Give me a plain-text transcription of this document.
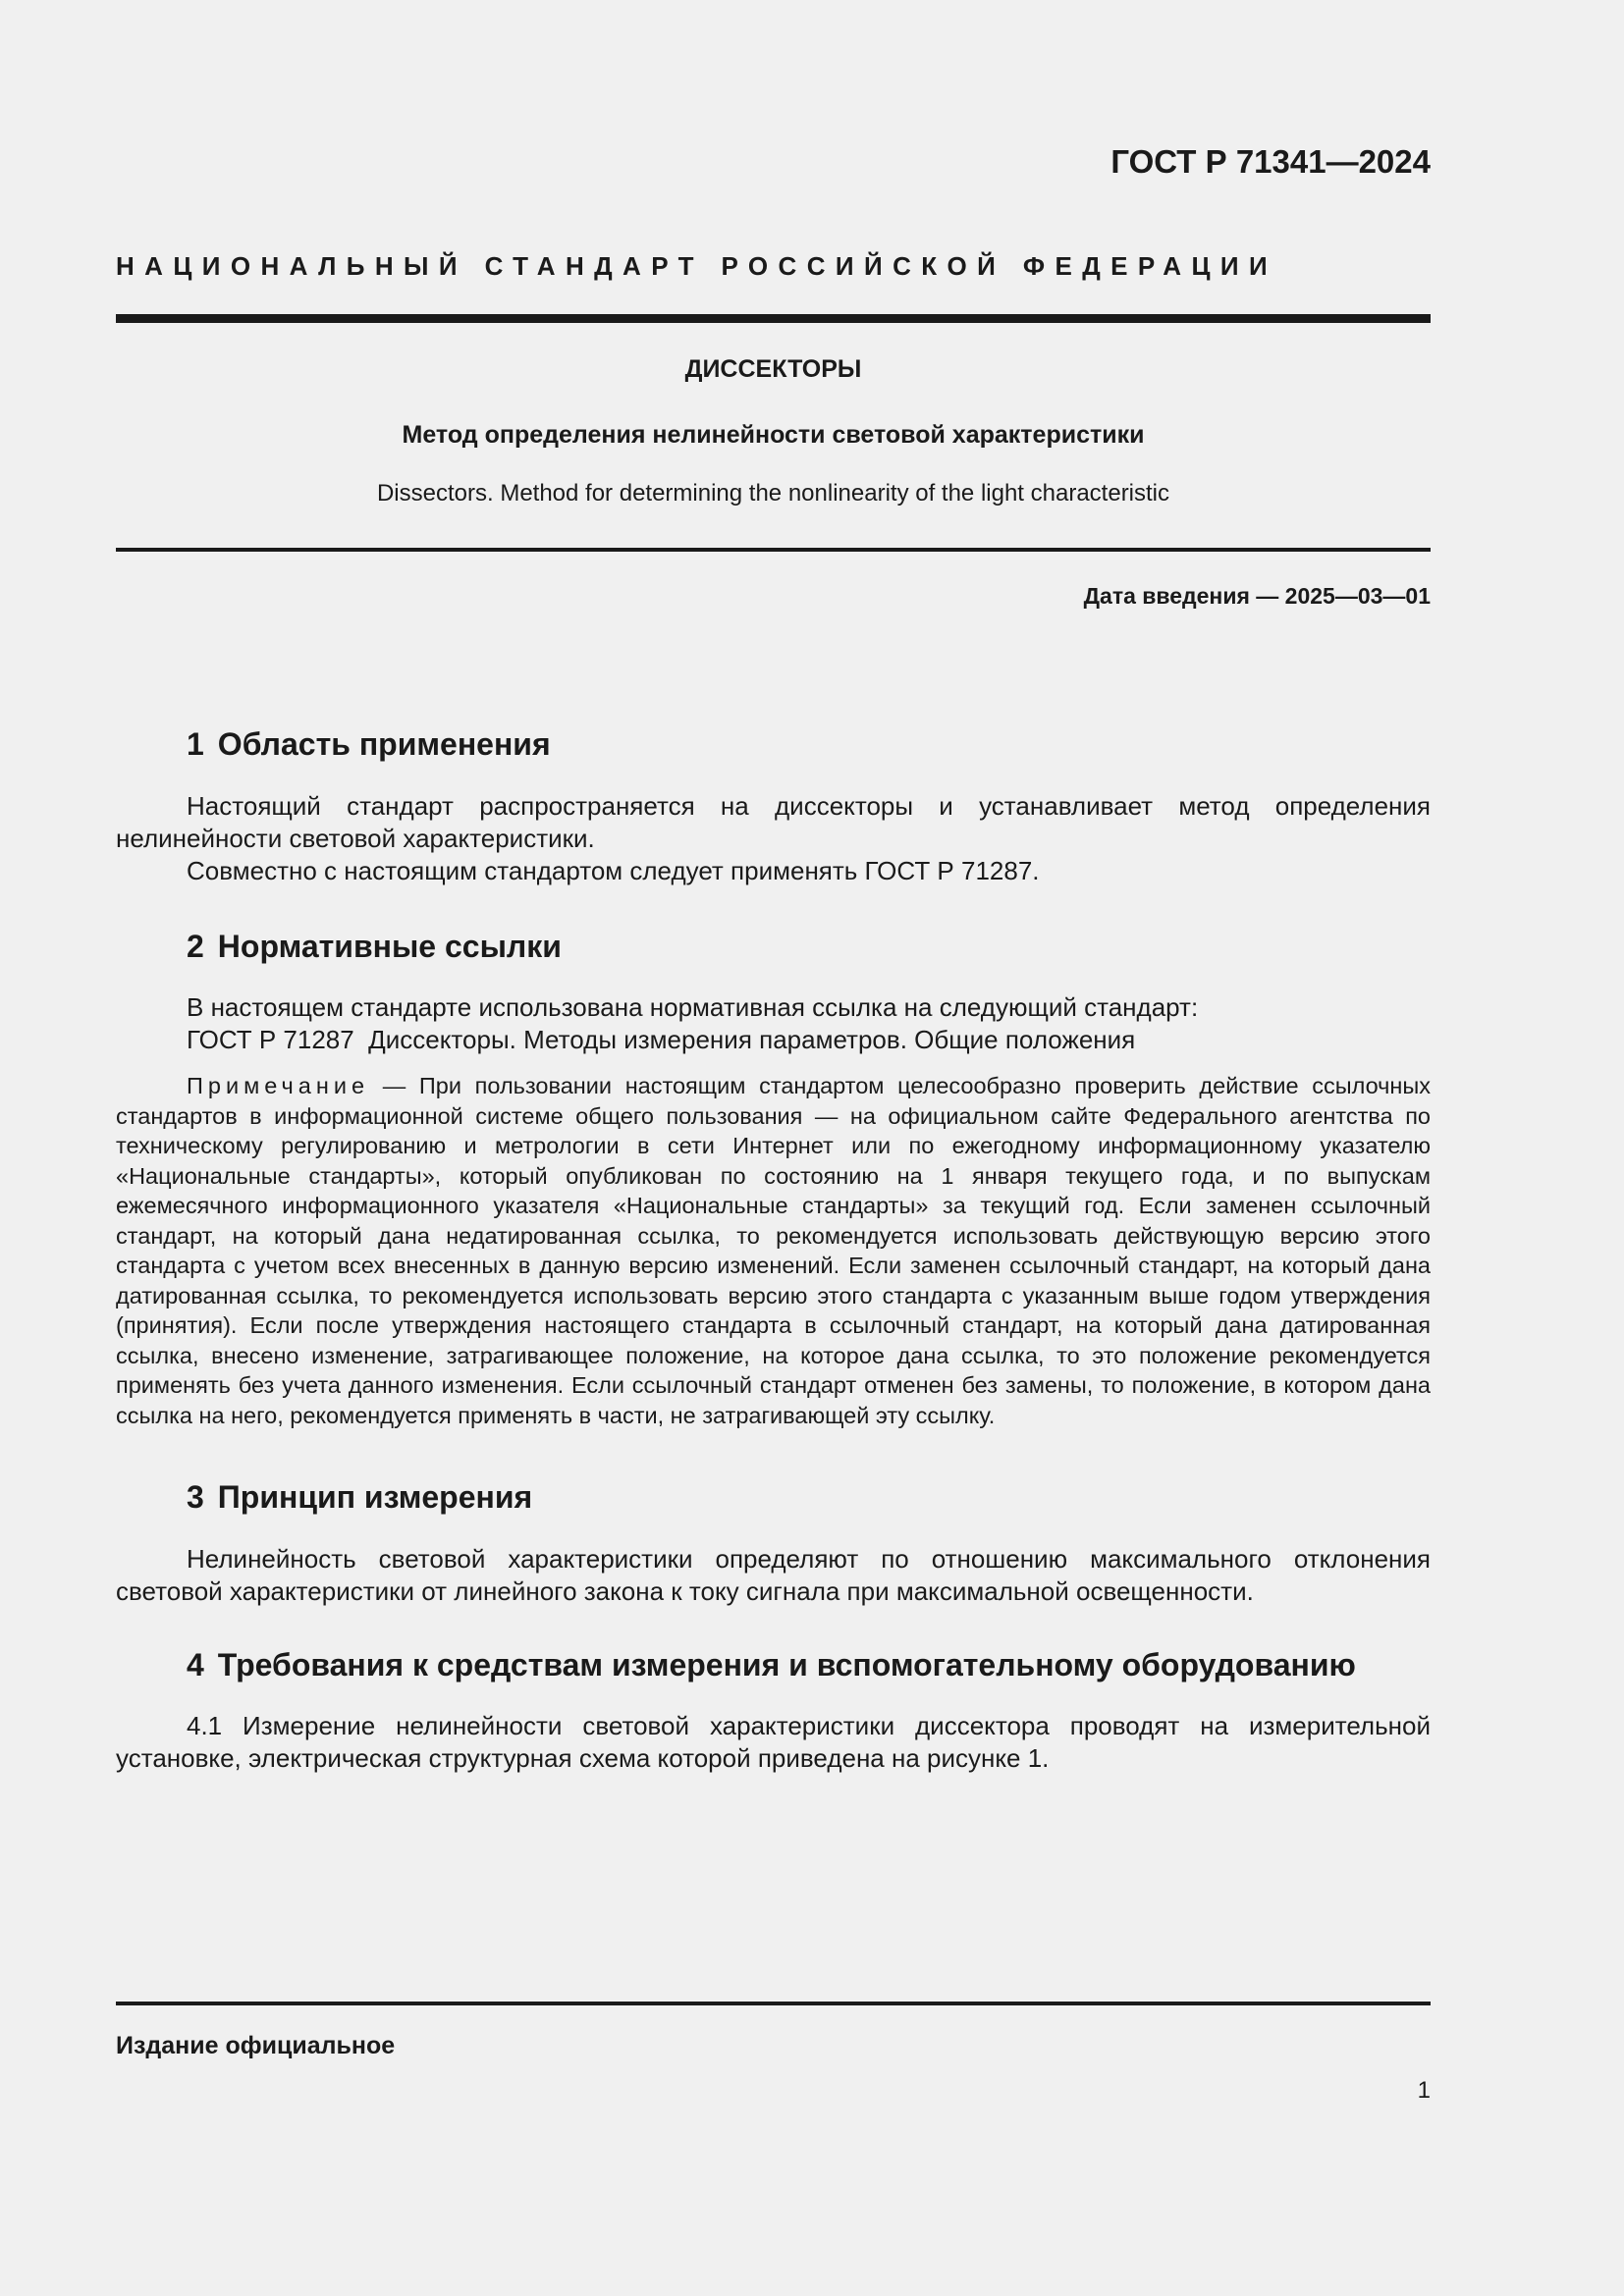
ГОСТ Р 71341—2024

НАЦИОНАЛЬНЫЙ СТАНДАРТ РОССИЙСКОЙ ФЕДЕРАЦИИ

ДИССЕКТОРЫ

Метод определения нелинейности световой характеристики

Dissectors. Method for determining the nonlinearity of the light characteristic

Дата введения — 2025—03—01

1 Область применения

Настоящий стандарт распространяется на диссекторы и устанавливает метод определения нелинейности световой характеристики.

Совместно с настоящим стандартом следует применять ГОСТ Р 71287.

2 Нормативные ссылки

В настоящем стандарте использована нормативная ссылка на следующий стандарт:

ГОСТ Р 71287  Диссекторы. Методы измерения параметров. Общие положения

Примечание — При пользовании настоящим стандартом целесообразно проверить действие ссылочных стандартов в информационной системе общего пользования — на официальном сайте Федерального агентства по техническому регулированию и метрологии в сети Интернет или по ежегодному информационному указателю «Национальные стандарты», который опубликован по состоянию на 1 января текущего года, и по выпускам ежемесячного информационного указателя «Национальные стандарты» за текущий год. Если заменен ссылочный стандарт, на который дана недатированная ссылка, то рекомендуется использовать действующую версию этого стандарта с учетом всех внесенных в данную версию изменений. Если заменен ссылочный стандарт, на который дана датированная ссылка, то рекомендуется использовать версию этого стандарта с указанным выше годом утверждения (принятия). Если после утверждения настоящего стандарта в ссылочный стандарт, на который дана датированная ссылка, внесено изменение, затрагивающее положение, на которое дана ссылка, то это положение рекомендуется применять без учета данного изменения. Если ссылочный стандарт отменен без замены, то положение, в котором дана ссылка на него, рекомендуется применять в части, не затрагивающей эту ссылку.

3 Принцип измерения

Нелинейность световой характеристики определяют по отношению максимального отклонения световой характеристики от линейного закона к току сигнала при максимальной освещенности.

4 Требования к средствам измерения и вспомогательному оборудованию

4.1 Измерение нелинейности световой характеристики диссектора проводят на измерительной установке, электрическая структурная схема которой приведена на рисунке 1.

Издание официальное

1
